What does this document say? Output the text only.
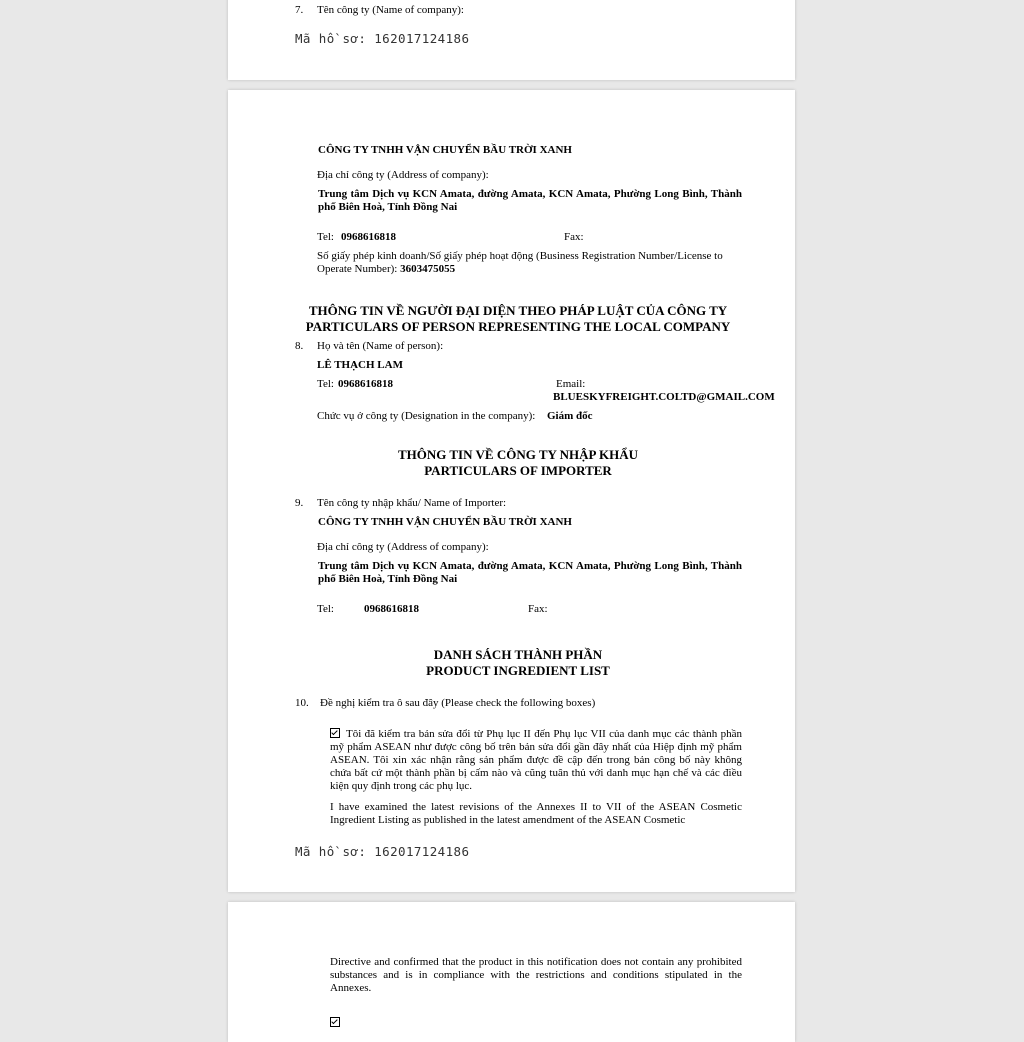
7. Tên công ty (Name of company):
Mã hồ sơ: 162017124186
CÔNG TY TNHH VẬN CHUYỂN BẦU TRỜI XANH
Địa chỉ công ty (Address of company):
Trung tâm Dịch vụ KCN Amata, đường Amata, KCN Amata, Phường Long Bình, Thành phố Biên Hoà, Tỉnh Đồng Nai
Tel: 0968616818	Fax:
Số giấy phép kinh doanh/Số giấy phép hoạt động (Business Registration Number/License to Operate Number): 3603475055
THÔNG TIN VỀ NGƯỜI ĐẠI DIỆN THEO PHÁP LUẬT CỦA CÔNG TY
PARTICULARS OF PERSON REPRESENTING THE LOCAL COMPANY
8. Họ và tên (Name of person):
LÊ THẠCH LAM
Tel: 0968616818	Email:
BLUESKYFREIGHT.COLTD@GMAIL.COM
Chức vụ ở công ty (Designation in the company): Giám đốc
THÔNG TIN VỀ CÔNG TY NHẬP KHẨU
PARTICULARS OF IMPORTER
9. Tên công ty nhập khẩu/ Name of Importer:
CÔNG TY TNHH VẬN CHUYỂN BẦU TRỜI XANH
Địa chỉ công ty (Address of company):
Trung tâm Dịch vụ KCN Amata, đường Amata, KCN Amata, Phường Long Bình, Thành phố Biên Hoà, Tỉnh Đồng Nai
Tel:	0968616818	Fax:
DANH SÁCH THÀNH PHẦN
PRODUCT INGREDIENT LIST
10. Đề nghị kiểm tra ô sau đây (Please check the following boxes)
Tôi đã kiểm tra bản sửa đổi từ Phụ lục II đến Phụ lục VII của danh mục các thành phần mỹ phẩm ASEAN như được công bố trên bản sửa đổi gần đây nhất của Hiệp định mỹ phẩm ASEAN. Tôi xin xác nhận rằng sản phẩm được đề cập đến trong bản công bố này không chứa bất cứ một thành phần bị cấm nào và cũng tuân thủ với danh mục hạn chế và các điều kiện quy định trong các phụ lục.
I have examined the latest revisions of the Annexes II to VII of the ASEAN Cosmetic Ingredient Listing as published in the latest amendment of the ASEAN Cosmetic
Mã hồ sơ: 162017124186
Directive and confirmed that the product in this notification does not contain any prohibited substances and is in compliance with the restrictions and conditions stipulated in the Annexes.
